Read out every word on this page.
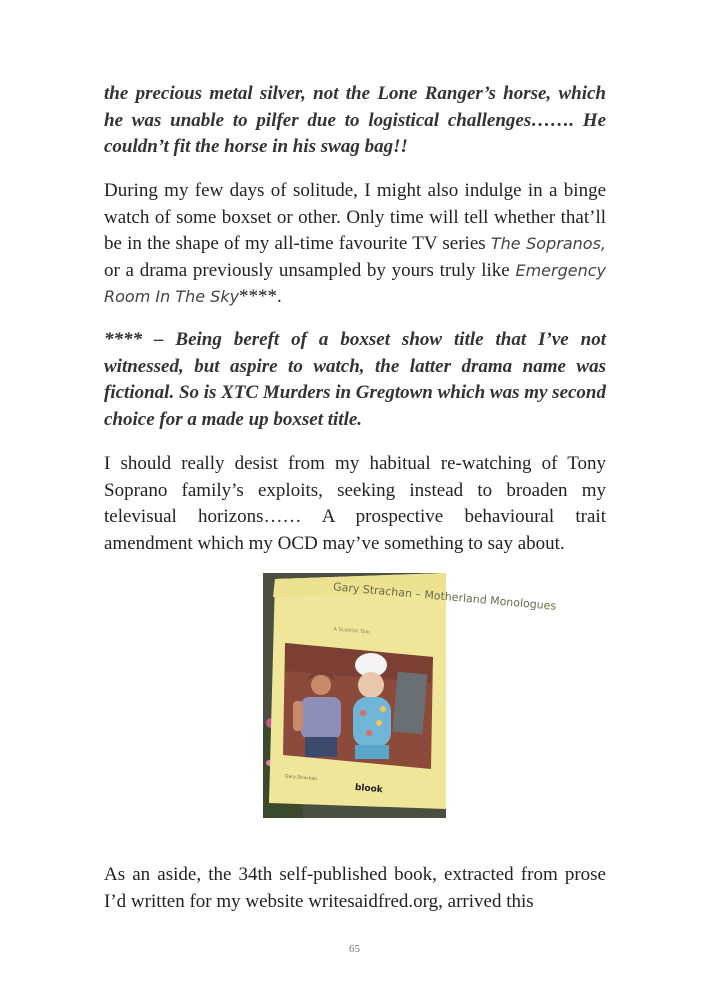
the precious metal silver, not the Lone Ranger’s horse, which he was unable to pilfer due to logistical challenges……. He couldn’t fit the horse in his swag bag!!

During my few days of solitude, I might also indulge in a binge watch of some boxset or other. Only time will tell whether that’ll be in the shape of my all-time favourite TV series The Sopranos, or a drama previously unsampled by yours truly like Emergency Room In The Sky****.

**** – Being bereft of a boxset show title that I’ve not witnessed, but aspire to watch, the latter drama name was fictional. So is XTC Murders in Gregtown which was my second choice for a made up boxset title.

I should really desist from my habitual re-watching of Tony Soprano family’s exploits, seeking instead to broaden my televisual horizons…… A prospective behavioural trait amendment which my OCD may’ve something to say about.

Gary Strachan – Motherland Monologues
A Scottish Tale
Gary Strachan
blook

As an aside, the 34th self-published book, extracted from prose I’d written for my website writesaidfred.org, arrived this

65
